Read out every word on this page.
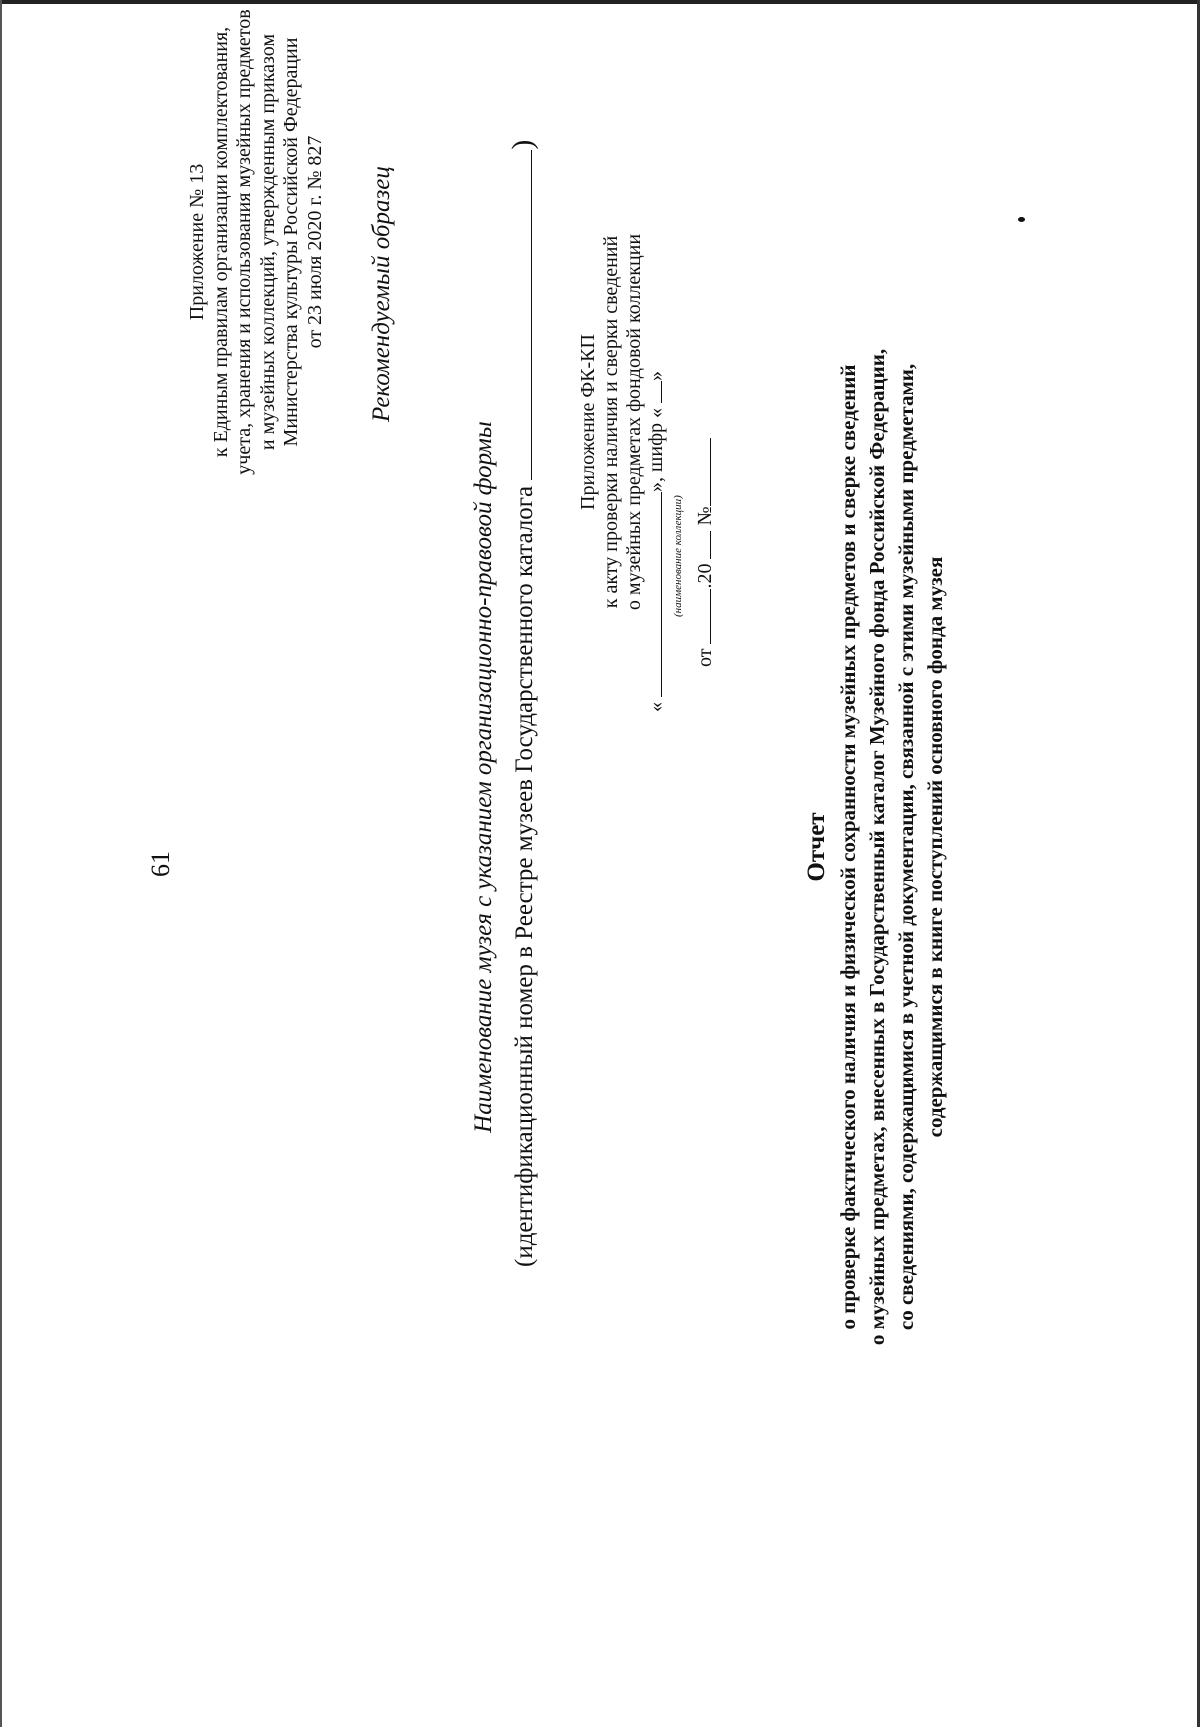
61
Приложение № 13 к Единым правилам организации комплектования, учета, хранения и использования музейных предметов и музейных коллекций, утвержденным приказом Министерства культуры Российской Федерации от 23 июля 2020 г. № 827 Рекомендуемый образец
Наименование музея с указанием организационно-правовой формы (идентификационный номер в Реестре музеев Государственного каталога )
Приложение ФК-КП к акту проверки наличия и сверки сведений о музейных предметах фондовой коллекции
« », шифр « »
(наименование коллекции)
от .20  №
Отчет о проверке фактического наличия и физической сохранности музейных предметов и сверке сведений о музейных предметах, внесенных в Государственный каталог Музейного фонда Российской Федерации, со сведениями, содержащимися в учетной документации, связанной с этими музейными предметами, содержащимися в книге поступлений основного фонда музея
